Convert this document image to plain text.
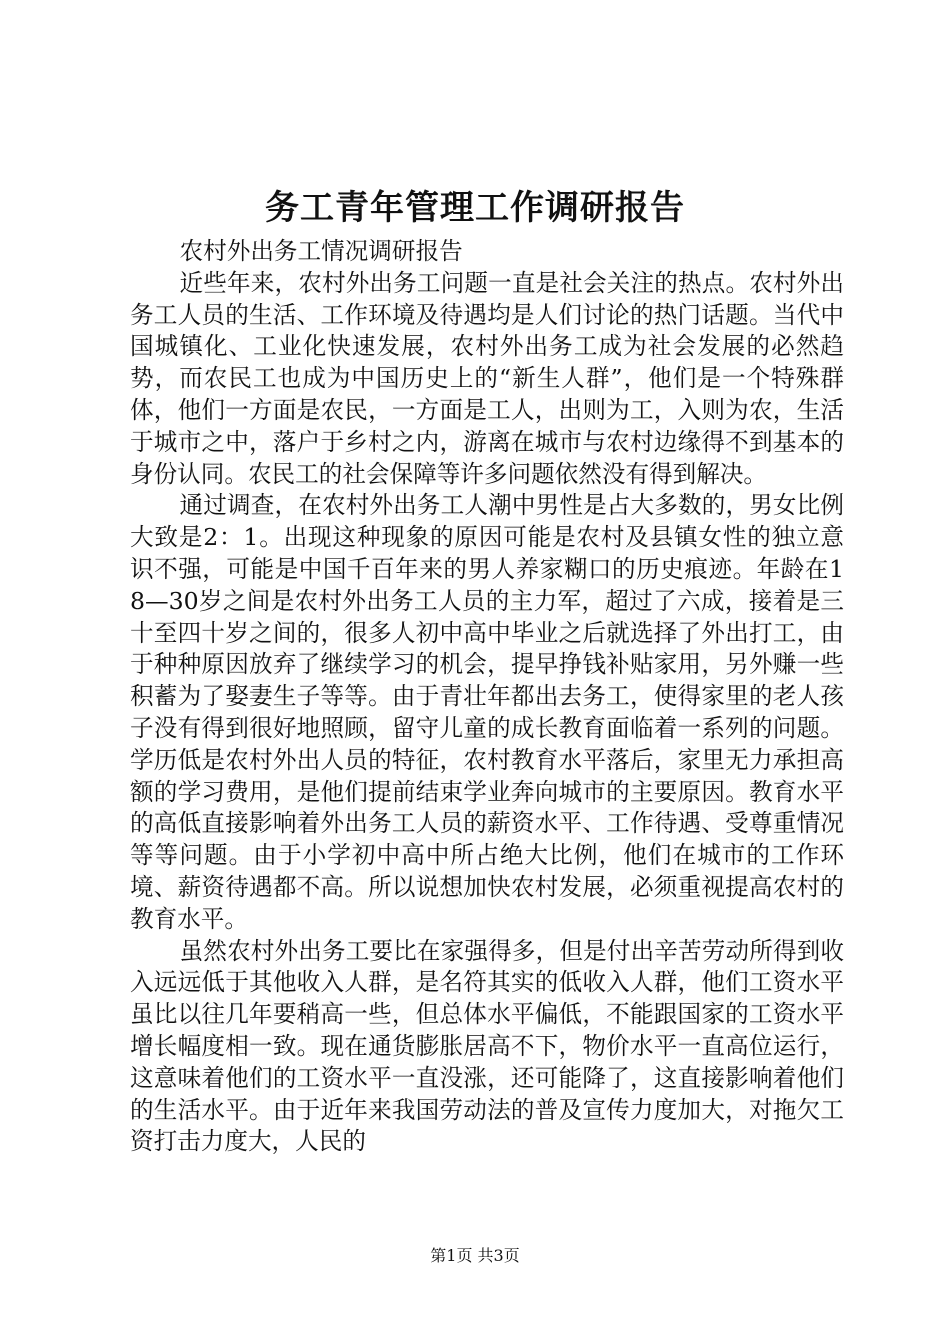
务工青年管理工作调研报告

农村外出务工情况调研报告

近些年来，农村外出务工问题一直是社会关注的热点。农村外出务工人员的生活、工作环境及待遇均是人们讨论的热门话题。当代中国城镇化、工业化快速发展，农村外出务工成为社会发展的必然趋势，而农民工也成为中国历史上的“新生人群”，他们是一个特殊群体，他们一方面是农民，一方面是工人，出则为工，入则为农，生活于城市之中，落户于乡村之内，游离在城市与农村边缘得不到基本的身份认同。农民工的社会保障等许多问题依然没有得到解决。

通过调查，在农村外出务工人潮中男性是占大多数的，男女比例大致是2：1。出现这种现象的原因可能是农村及县镇女性的独立意识不强，可能是中国千百年来的男人养家糊口的历史痕迹。年龄在18—30岁之间是农村外出务工人员的主力军，超过了六成，接着是三十至四十岁之间的，很多人初中高中毕业之后就选择了外出打工，由于种种原因放弃了继续学习的机会，提早挣钱补贴家用，另外赚一些积蓄为了娶妻生子等等。由于青壮年都出去务工，使得家里的老人孩子没有得到很好地照顾，留守儿童的成长教育面临着一系列的问题。学历低是农村外出人员的特征，农村教育水平落后，家里无力承担高额的学习费用，是他们提前结束学业奔向城市的主要原因。教育水平的高低直接影响着外出务工人员的薪资水平、工作待遇、受尊重情况等等问题。由于小学初中高中所占绝大比例，他们在城市的工作环境、薪资待遇都不高。所以说想加快农村发展，必须重视提高农村的教育水平。

虽然农村外出务工要比在家强得多，但是付出辛苦劳动所得到收入远远低于其他收入人群，是名符其实的低收入人群，他们工资水平虽比以往几年要稍高一些，但总体水平偏低，不能跟国家的工资水平增长幅度相一致。现在通货膨胀居高不下，物价水平一直高位运行，这意味着他们的工资水平一直没涨，还可能降了，这直接影响着他们的生活水平。由于近年来我国劳动法的普及宣传力度加大，对拖欠工资打击力度大，人民的

第1页 共3页
